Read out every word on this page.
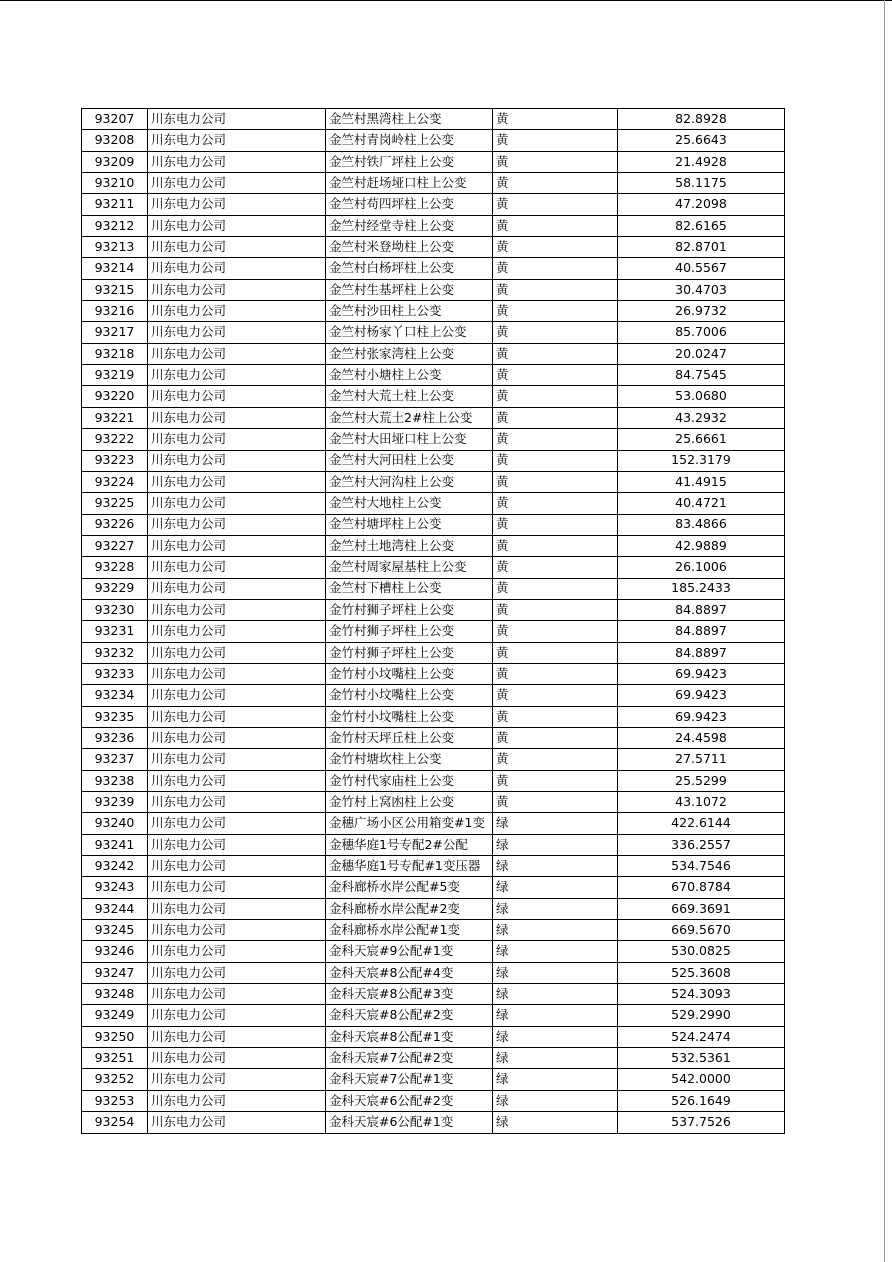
93207	川东电力公司	金竺村黑湾柱上公变	黄	82.8928
93208	川东电力公司	金竺村青岗岭柱上公变	黄	25.6643
93209	川东电力公司	金竺村铁厂坪柱上公变	黄	21.4928
93210	川东电力公司	金竺村赶场垭口柱上公变	黄	58.1175
93211	川东电力公司	金竺村苟四坪柱上公变	黄	47.2098
93212	川东电力公司	金竺村经堂寺柱上公变	黄	82.6165
93213	川东电力公司	金竺村米登坳柱上公变	黄	82.8701
93214	川东电力公司	金竺村白杨坪柱上公变	黄	40.5567
93215	川东电力公司	金竺村生基坪柱上公变	黄	30.4703
93216	川东电力公司	金竺村沙田柱上公变	黄	26.9732
93217	川东电力公司	金竺村杨家丫口柱上公变	黄	85.7006
93218	川东电力公司	金竺村张家湾柱上公变	黄	20.0247
93219	川东电力公司	金竺村小塘柱上公变	黄	84.7545
93220	川东电力公司	金竺村大荒土柱上公变	黄	53.0680
93221	川东电力公司	金竺村大荒土2#柱上公变	黄	43.2932
93222	川东电力公司	金竺村大田垭口柱上公变	黄	25.6661
93223	川东电力公司	金竺村大河田柱上公变	黄	152.3179
93224	川东电力公司	金竺村大河沟柱上公变	黄	41.4915
93225	川东电力公司	金竺村大地柱上公变	黄	40.4721
93226	川东电力公司	金竺村塘坪柱上公变	黄	83.4866
93227	川东电力公司	金竺村土地湾柱上公变	黄	42.9889
93228	川东电力公司	金竺村周家屋基柱上公变	黄	26.1006
93229	川东电力公司	金竺村下槽柱上公变	黄	185.2433
93230	川东电力公司	金竹村狮子坪柱上公变	黄	84.8897
93231	川东电力公司	金竹村狮子坪柱上公变	黄	84.8897
93232	川东电力公司	金竹村狮子坪柱上公变	黄	84.8897
93233	川东电力公司	金竹村小坟嘴柱上公变	黄	69.9423
93234	川东电力公司	金竹村小坟嘴柱上公变	黄	69.9423
93235	川东电力公司	金竹村小坟嘴柱上公变	黄	69.9423
93236	川东电力公司	金竹村天坪丘柱上公变	黄	24.4598
93237	川东电力公司	金竹村塘坎柱上公变	黄	27.5711
93238	川东电力公司	金竹村代家庙柱上公变	黄	25.5299
93239	川东电力公司	金竹村上窝凼柱上公变	黄	43.1072
93240	川东电力公司	金穗广场小区公用箱变#1变	绿	422.6144
93241	川东电力公司	金穗华庭1号专配2#公配	绿	336.2557
93242	川东电力公司	金穗华庭1号专配#1变压器	绿	534.7546
93243	川东电力公司	金科廊桥水岸公配#5变	绿	670.8784
93244	川东电力公司	金科廊桥水岸公配#2变	绿	669.3691
93245	川东电力公司	金科廊桥水岸公配#1变	绿	669.5670
93246	川东电力公司	金科天宸#9公配#1变	绿	530.0825
93247	川东电力公司	金科天宸#8公配#4变	绿	525.3608
93248	川东电力公司	金科天宸#8公配#3变	绿	524.3093
93249	川东电力公司	金科天宸#8公配#2变	绿	529.2990
93250	川东电力公司	金科天宸#8公配#1变	绿	524.2474
93251	川东电力公司	金科天宸#7公配#2变	绿	532.5361
93252	川东电力公司	金科天宸#7公配#1变	绿	542.0000
93253	川东电力公司	金科天宸#6公配#2变	绿	526.1649
93254	川东电力公司	金科天宸#6公配#1变	绿	537.7526
